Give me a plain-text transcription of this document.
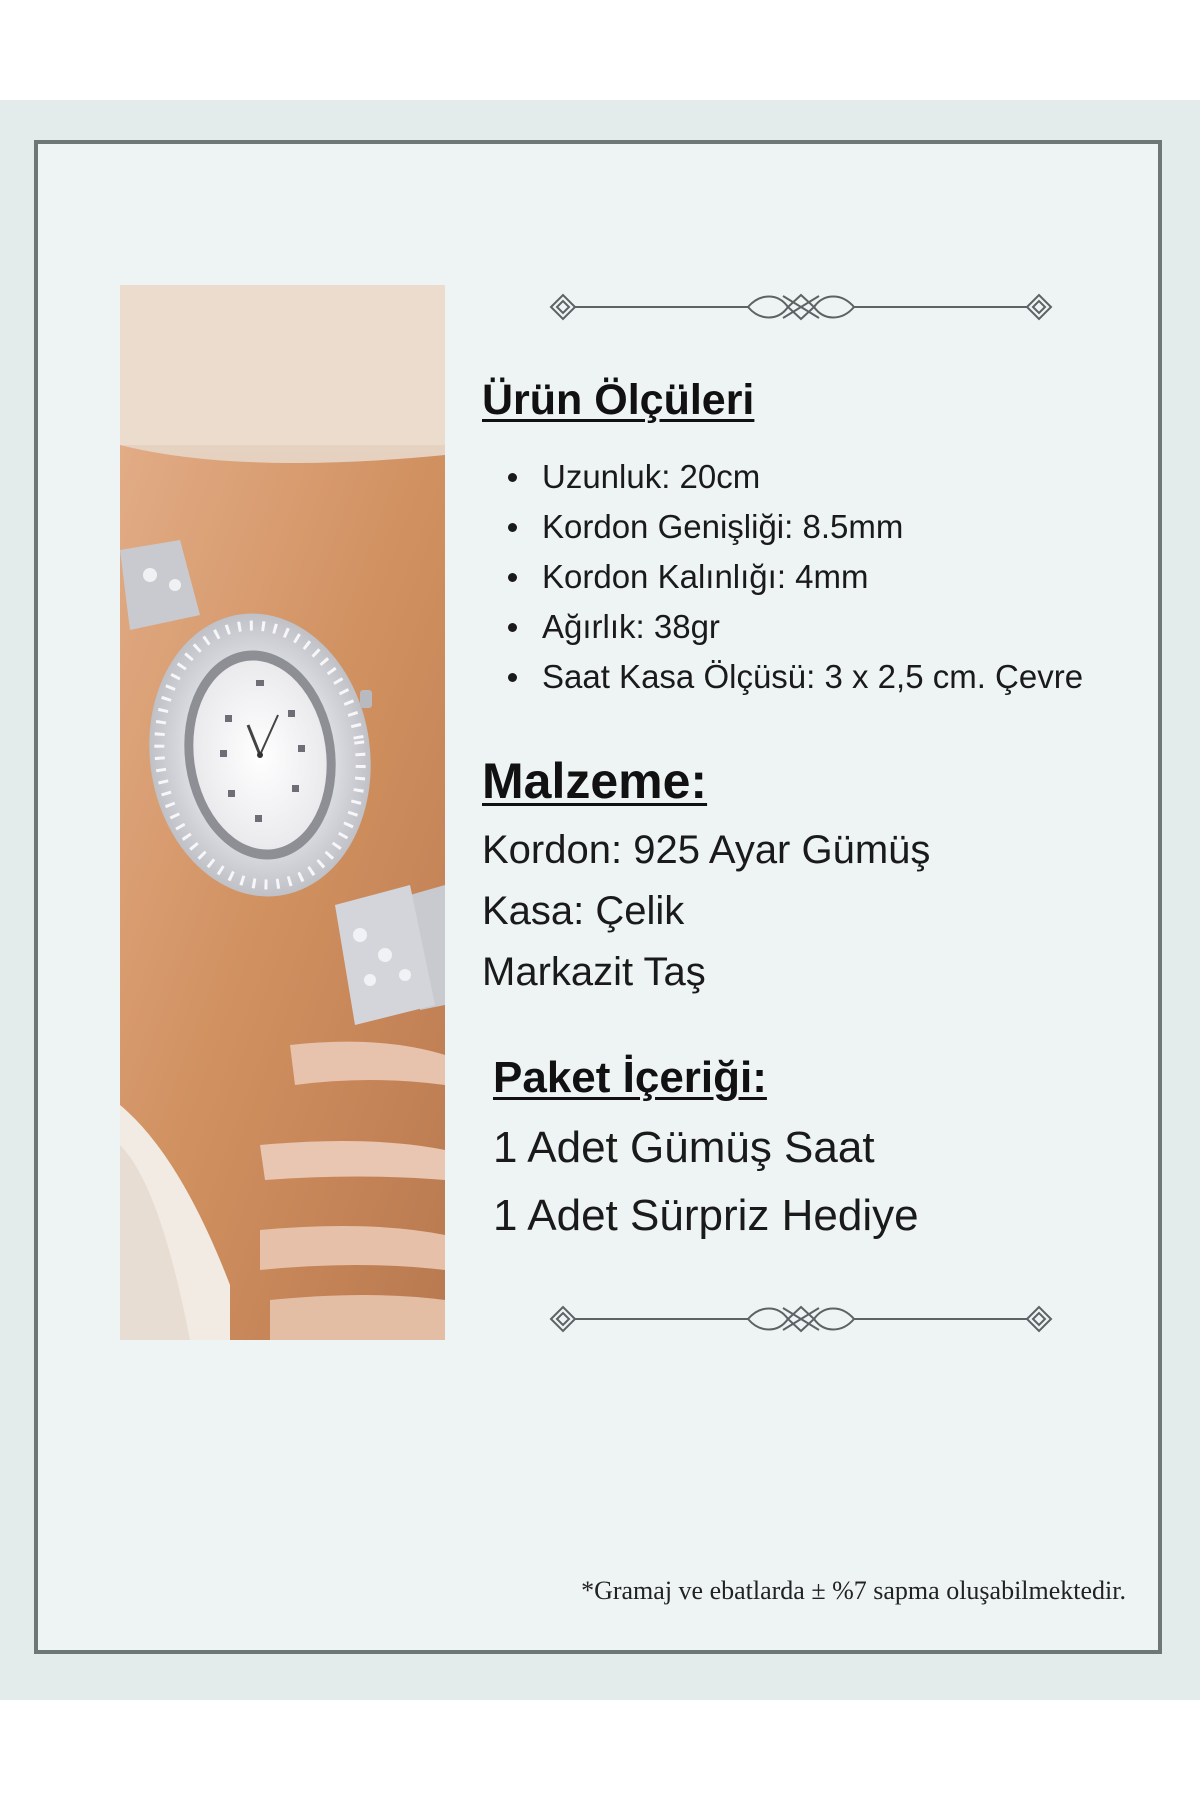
Ürün Ölçüleri
Uzunluk: 20cm
Kordon Genişliği: 8.5mm
Kordon Kalınlığı: 4mm
Ağırlık: 38gr
Saat Kasa Ölçüsü: 3 x 2,5 cm. Çevre
Malzeme:
Kordon: 925 Ayar Gümüş
Kasa: Çelik
Markazit Taş
Paket İçeriği:
1 Adet Gümüş Saat
1 Adet Sürpriz Hediye
*Gramaj ve ebatlarda ± %7 sapma oluşabilmektedir.
